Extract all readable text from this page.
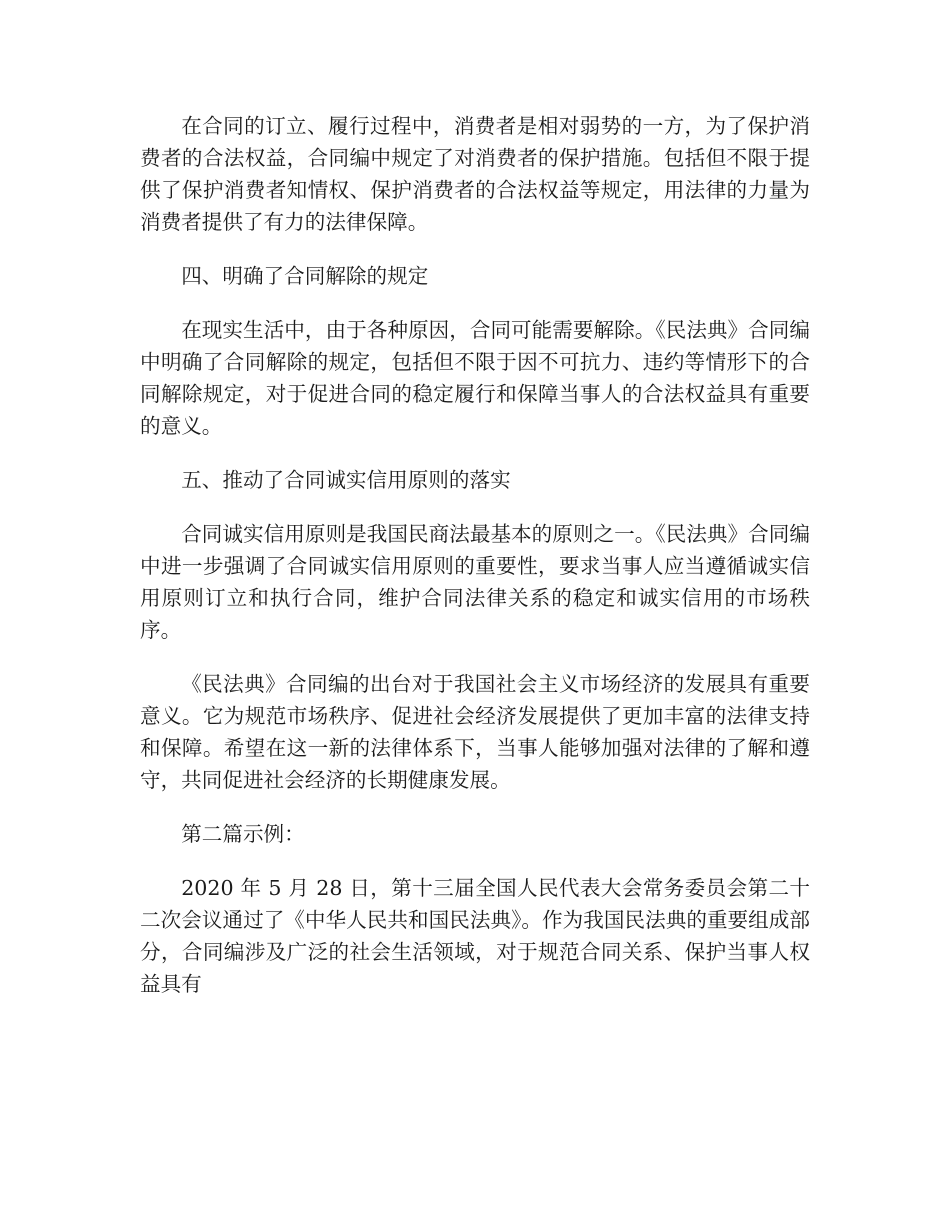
在合同的订立、履行过程中，消费者是相对弱势的一方，为了保护消费者的合法权益，合同编中规定了对消费者的保护措施。包括但不限于提供了保护消费者知情权、保护消费者的合法权益等规定，用法律的力量为消费者提供了有力的法律保障。

四、明确了合同解除的规定

在现实生活中，由于各种原因，合同可能需要解除。《民法典》合同编中明确了合同解除的规定，包括但不限于因不可抗力、违约等情形下的合同解除规定，对于促进合同的稳定履行和保障当事人的合法权益具有重要的意义。

五、推动了合同诚实信用原则的落实

合同诚实信用原则是我国民商法最基本的原则之一。《民法典》合同编中进一步强调了合同诚实信用原则的重要性，要求当事人应当遵循诚实信用原则订立和执行合同，维护合同法律关系的稳定和诚实信用的市场秩序。

《民法典》合同编的出台对于我国社会主义市场经济的发展具有重要意义。它为规范市场秩序、促进社会经济发展提供了更加丰富的法律支持和保障。希望在这一新的法律体系下，当事人能够加强对法律的了解和遵守，共同促进社会经济的长期健康发展。

第二篇示例：

2020 年 5 月 28 日，第十三届全国人民代表大会常务委员会第二十二次会议通过了《中华人民共和国民法典》。作为我国民法典的重要组成部分，合同编涉及广泛的社会生活领域，对于规范合同关系、保护当事人权益具有
